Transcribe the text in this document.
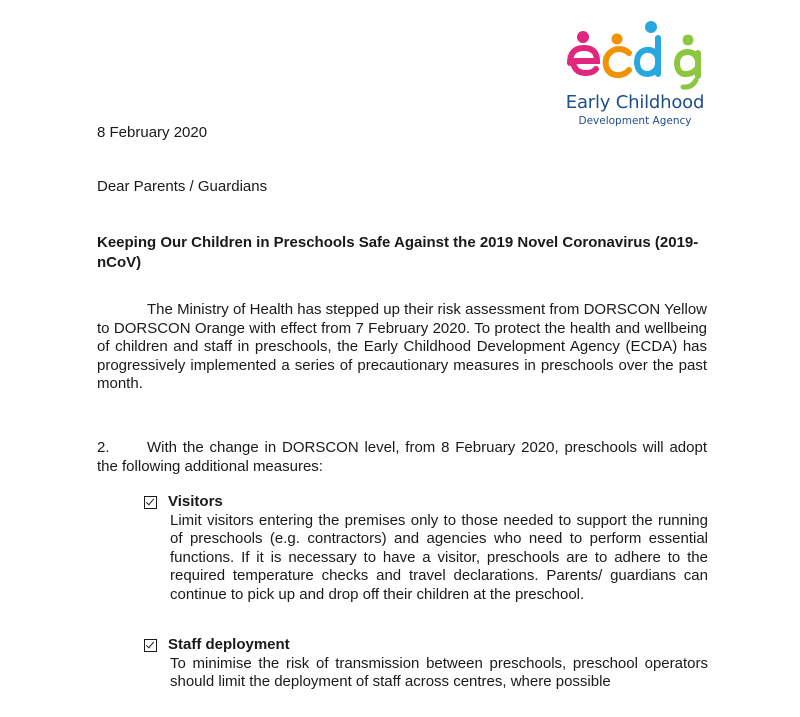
Early Childhood
Development Agency
8 February 2020
Dear Parents / Guardians
Keeping Our Children in Preschools Safe Against the 2019 Novel Coronavirus (2019-nCoV)
The Ministry of Health has stepped up their risk assessment from DORSCON Yellow to DORSCON Orange with effect from 7 February 2020. To protect the health and wellbeing of children and staff in preschools, the Early Childhood Development Agency (ECDA) has progressively implemented a series of precautionary measures in preschools over the past month.
2. With the change in DORSCON level, from 8 February 2020, preschools will adopt the following additional measures:
Visitors
Limit visitors entering the premises only to those needed to support the running of preschools (e.g. contractors) and agencies who need to perform essential functions. If it is necessary to have a visitor, preschools are to adhere to the required temperature checks and travel declarations. Parents/ guardians can continue to pick up and drop off their children at the preschool.
Staff deployment
To minimise the risk of transmission between preschools, preschool operators should limit the deployment of staff across centres, where possible
